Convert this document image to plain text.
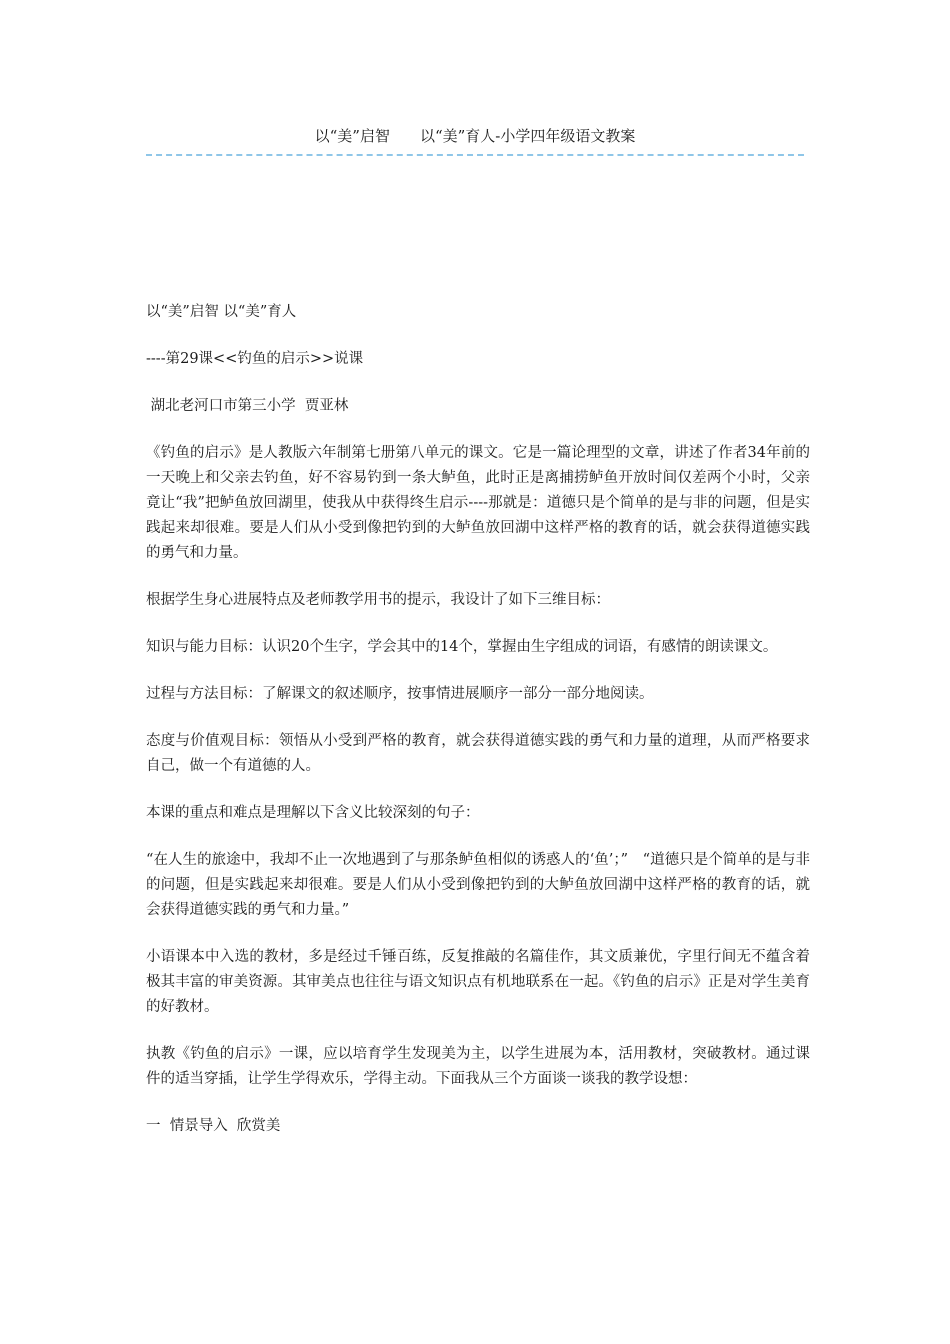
以“美”启智　　以“美”育人-小学四年级语文教案

以“美”启智 以“美”育人

----第29课<<钓鱼的启示>>说课

湖北老河口市第三小学  贾亚林

《钓鱼的启示》是人教版六年制第七册第八单元的课文。它是一篇论理型的文章，讲述了作者34年前的一天晚上和父亲去钓鱼，好不容易钓到一条大鲈鱼，此时正是离捕捞鲈鱼开放时间仅差两个小时，父亲竟让“我”把鲈鱼放回湖里，使我从中获得终生启示----那就是：道德只是个简单的是与非的问题，但是实践起来却很难。要是人们从小受到像把钓到的大鲈鱼放回湖中这样严格的教育的话，就会获得道德实践的勇气和力量。

根据学生身心进展特点及老师教学用书的提示，我设计了如下三维目标：

知识与能力目标：认识20个生字，学会其中的14个，掌握由生字组成的词语，有感情的朗读课文。

过程与方法目标：了解课文的叙述顺序，按事情进展顺序一部分一部分地阅读。

态度与价值观目标：领悟从小受到严格的教育，就会获得道德实践的勇气和力量的道理，从而严格要求自己，做一个有道德的人。

本课的重点和难点是理解以下含义比较深刻的句子：

“在人生的旅途中，我却不止一次地遇到了与那条鲈鱼相似的诱惑人的‘鱼’；”　“道德只是个简单的是与非的问题，但是实践起来却很难。要是人们从小受到像把钓到的大鲈鱼放回湖中这样严格的教育的话，就会获得道德实践的勇气和力量。”

小语课本中入选的教材，多是经过千锤百练，反复推敲的名篇佳作，其文质兼优，字里行间无不蕴含着极其丰富的审美资源。其审美点也往往与语文知识点有机地联系在一起。《钓鱼的启示》正是对学生美育的好教材。

执教《钓鱼的启示》一课，应以培育学生发现美为主，以学生进展为本，活用教材，突破教材。通过课件的适当穿插，让学生学得欢乐，学得主动。下面我从三个方面谈一谈我的教学设想：

一  情景导入  欣赏美
